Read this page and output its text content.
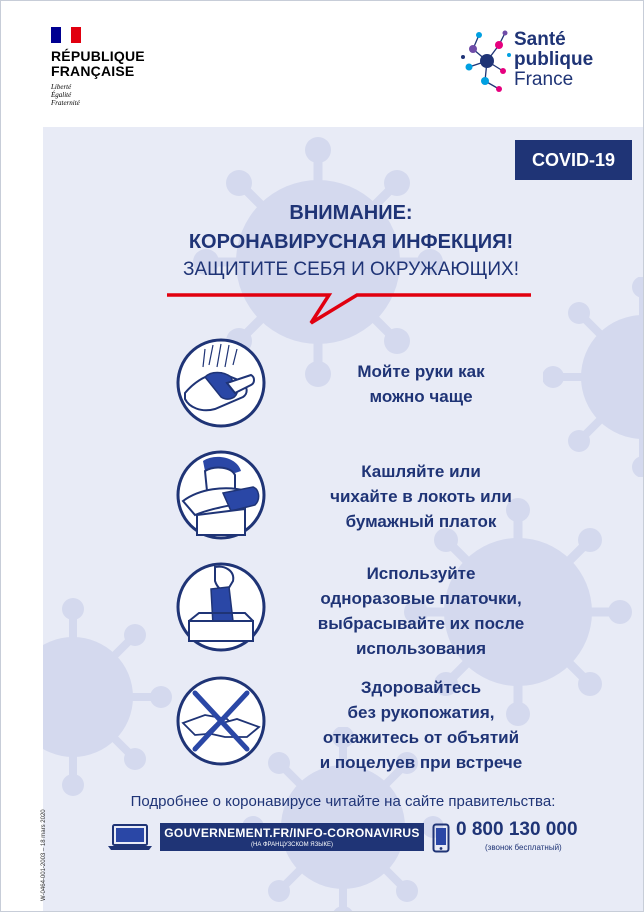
RÉPUBLIQUE
FRANÇAISE
Liberté
Égalité
Fraternité
Santé
publique
France
COVID-19
ВНИМАНИЕ:
КОРОНАВИРУСНАЯ ИНФЕКЦИЯ!
ЗАЩИТИТЕ СЕБЯ И ОКРУЖАЮЩИХ!
Мойте руки как
можно чаще
Кашляйте или
чихайте в локоть или
бумажный платок
Используйте
одноразовые платочки,
выбрасывайте их после
использования
Здоровайтесь
без рукопожатия,
откажитесь от объятий
и поцелуев при встрече
Подробнее о коронавирусе читайте на сайте правительства:
GOUVERNEMENT.FR/INFO-CORONAVIRUS
(НА ФРАНЦУЗСКОМ ЯЗЫКЕ)
0 800 130 000
(звонок бесплатный)
W-0464-001-2003 – 18 mars 2020
